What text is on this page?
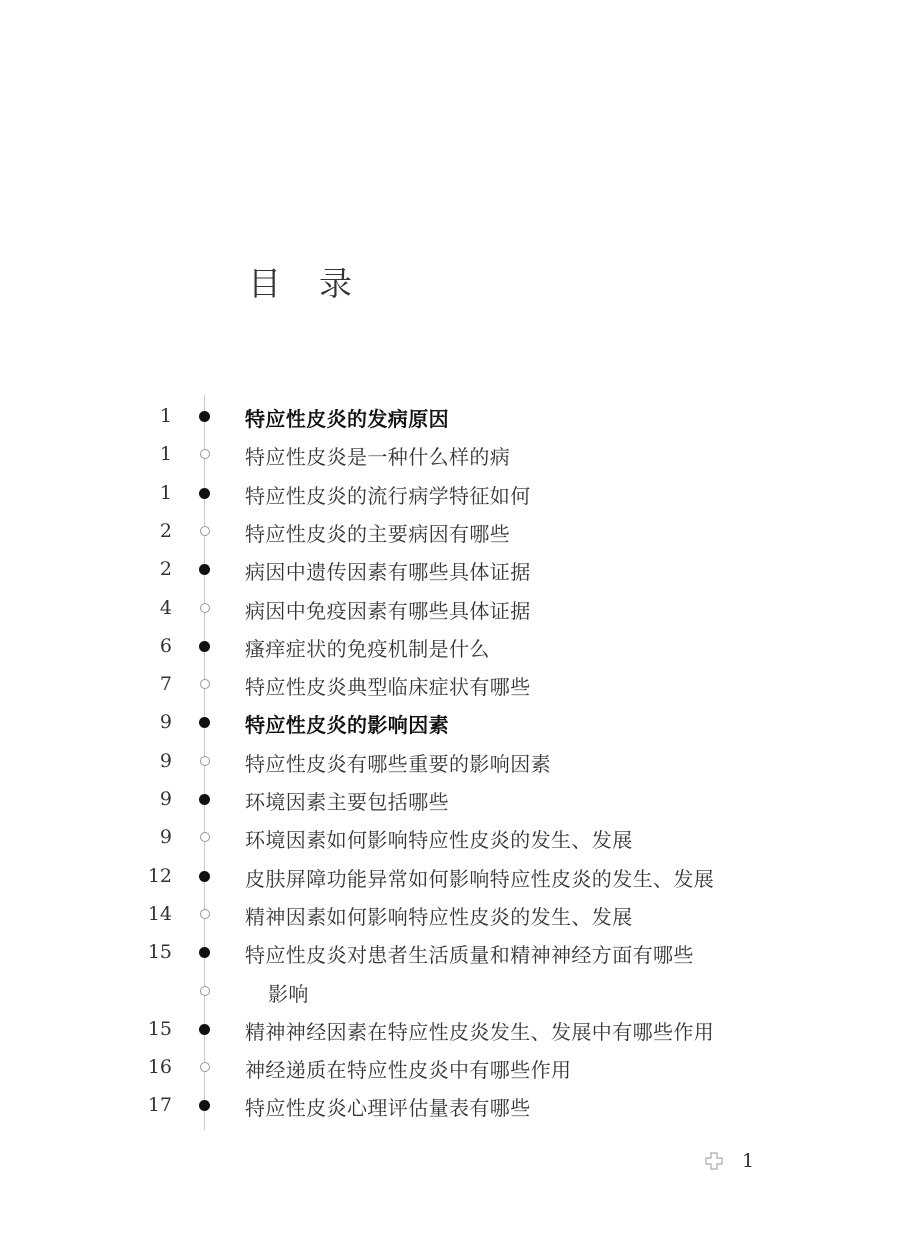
目录
1	特应性皮炎的发病原因
1	特应性皮炎是一种什么样的病
1	特应性皮炎的流行病学特征如何
2	特应性皮炎的主要病因有哪些
2	病因中遗传因素有哪些具体证据
4	病因中免疫因素有哪些具体证据
6	瘙痒症状的免疫机制是什么
7	特应性皮炎典型临床症状有哪些
9	特应性皮炎的影响因素
9	特应性皮炎有哪些重要的影响因素
9	环境因素主要包括哪些
9	环境因素如何影响特应性皮炎的发生、发展
12	皮肤屏障功能异常如何影响特应性皮炎的发生、发展
14	精神因素如何影响特应性皮炎的发生、发展
15	特应性皮炎对患者生活质量和精神神经方面有哪些
影响
15	精神神经因素在特应性皮炎发生、发展中有哪些作用
16	神经递质在特应性皮炎中有哪些作用
17	特应性皮炎心理评估量表有哪些
1
